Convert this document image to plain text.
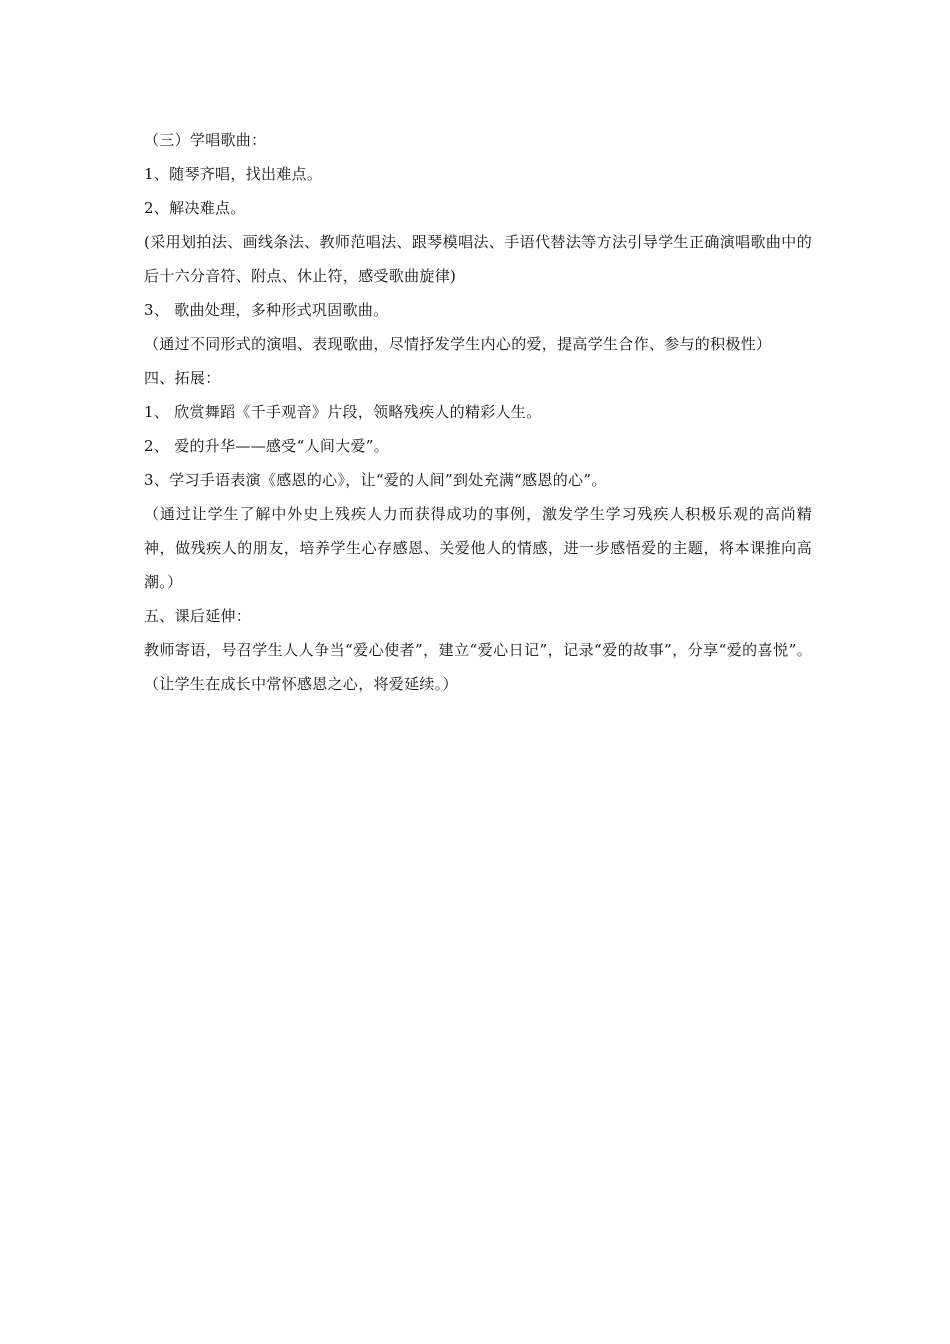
（三）学唱歌曲：
1、随琴齐唱，找出难点。
2、解决难点。
(采用划拍法、画线条法、教师范唱法、跟琴模唱法、手语代替法等方法引导学生正确演唱歌曲中的后十六分音符、附点、休止符，感受歌曲旋律)
3、 歌曲处理，多种形式巩固歌曲。
（通过不同形式的演唱、表现歌曲，尽情抒发学生内心的爱，提高学生合作、参与的积极性）
四、拓展：
1、 欣赏舞蹈《千手观音》片段，领略残疾人的精彩人生。
2、 爱的升华——感受“人间大爱”。
3、学习手语表演《感恩的心》，让“爱的人间”到处充满“感恩的心”。
（通过让学生了解中外史上残疾人力而获得成功的事例，激发学生学习残疾人积极乐观的高尚精神，做残疾人的朋友，培养学生心存感恩、关爱他人的情感，进一步感悟爱的主题，将本课推向高潮。）
五、课后延伸：
教师寄语，号召学生人人争当“爱心使者”，建立“爱心日记”，记录“爱的故事”，分享“爱的喜悦”。（让学生在成长中常怀感恩之心，将爱延续。）
